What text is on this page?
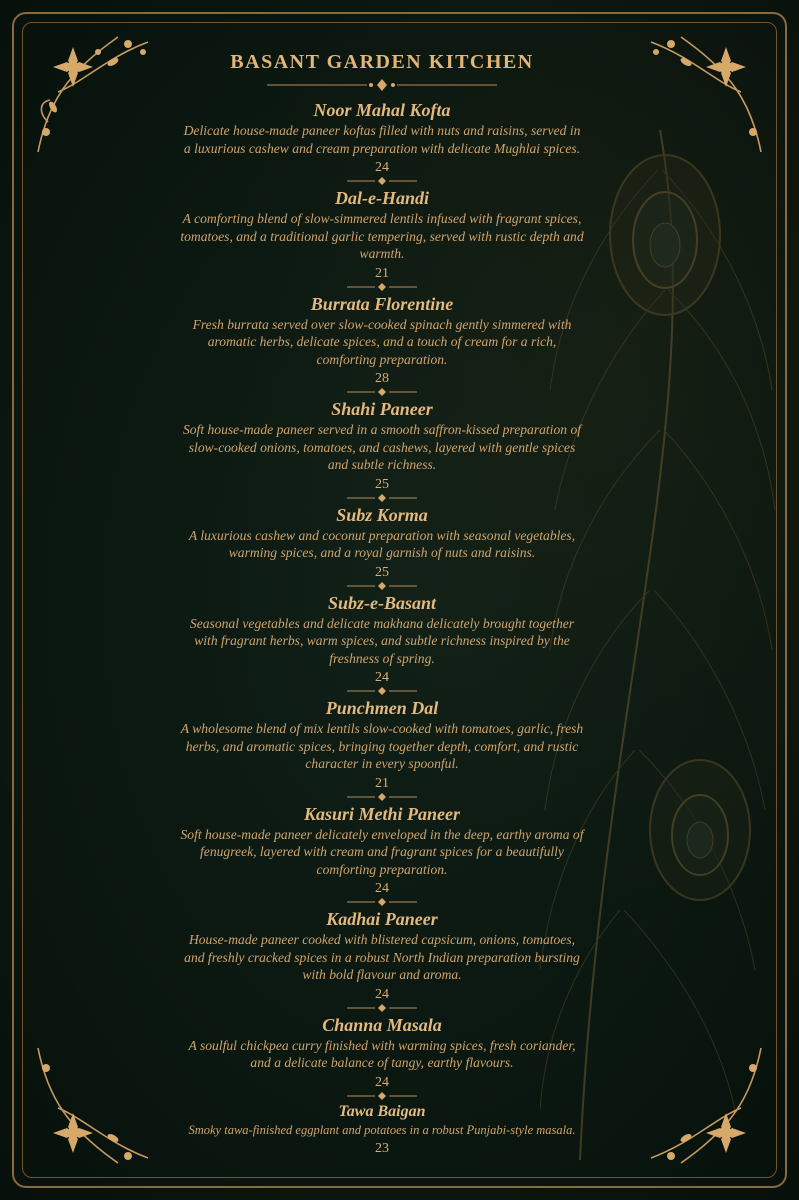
BASANT GARDEN KITCHEN

Noor Mahal Kofta

Delicate house-made paneer koftas filled with nuts and raisins, served in a luxurious cashew and cream preparation with delicate Mughlai spices.

24

Dal-e-Handi

A comforting blend of slow-simmered lentils infused with fragrant spices, tomatoes, and a traditional garlic tempering, served with rustic depth and warmth.

21

Burrata Florentine

Fresh burrata served over slow-cooked spinach gently simmered with aromatic herbs, delicate spices, and a touch of cream for a rich, comforting preparation.

28

Shahi Paneer

Soft house-made paneer served in a smooth saffron-kissed preparation of slow-cooked onions, tomatoes, and cashews, layered with gentle spices and subtle richness.

25

Subz Korma

A luxurious cashew and coconut preparation with seasonal vegetables, warming spices, and a royal garnish of nuts and raisins.

25

Subz-e-Basant

Seasonal vegetables and delicate makhana delicately brought together with fragrant herbs, warm spices, and subtle richness inspired by the freshness of spring.

24

Punchmen Dal

A wholesome blend of mix lentils slow-cooked with tomatoes, garlic, fresh herbs, and aromatic spices, bringing together depth, comfort, and rustic character in every spoonful.

21

Kasuri Methi Paneer

Soft house-made paneer delicately enveloped in the deep, earthy aroma of fenugreek, layered with cream and fragrant spices for a beautifully comforting preparation.

24

Kadhai Paneer

House-made paneer cooked with blistered capsicum, onions, tomatoes, and freshly cracked spices in a robust North Indian preparation bursting with bold flavour and aroma.

24

Channa Masala

A soulful chickpea curry finished with warming spices, fresh coriander, and a delicate balance of tangy, earthy flavours.

24

Tawa Baigan

Smoky tawa-finished eggplant and potatoes in a robust Punjabi-style masala.

23
